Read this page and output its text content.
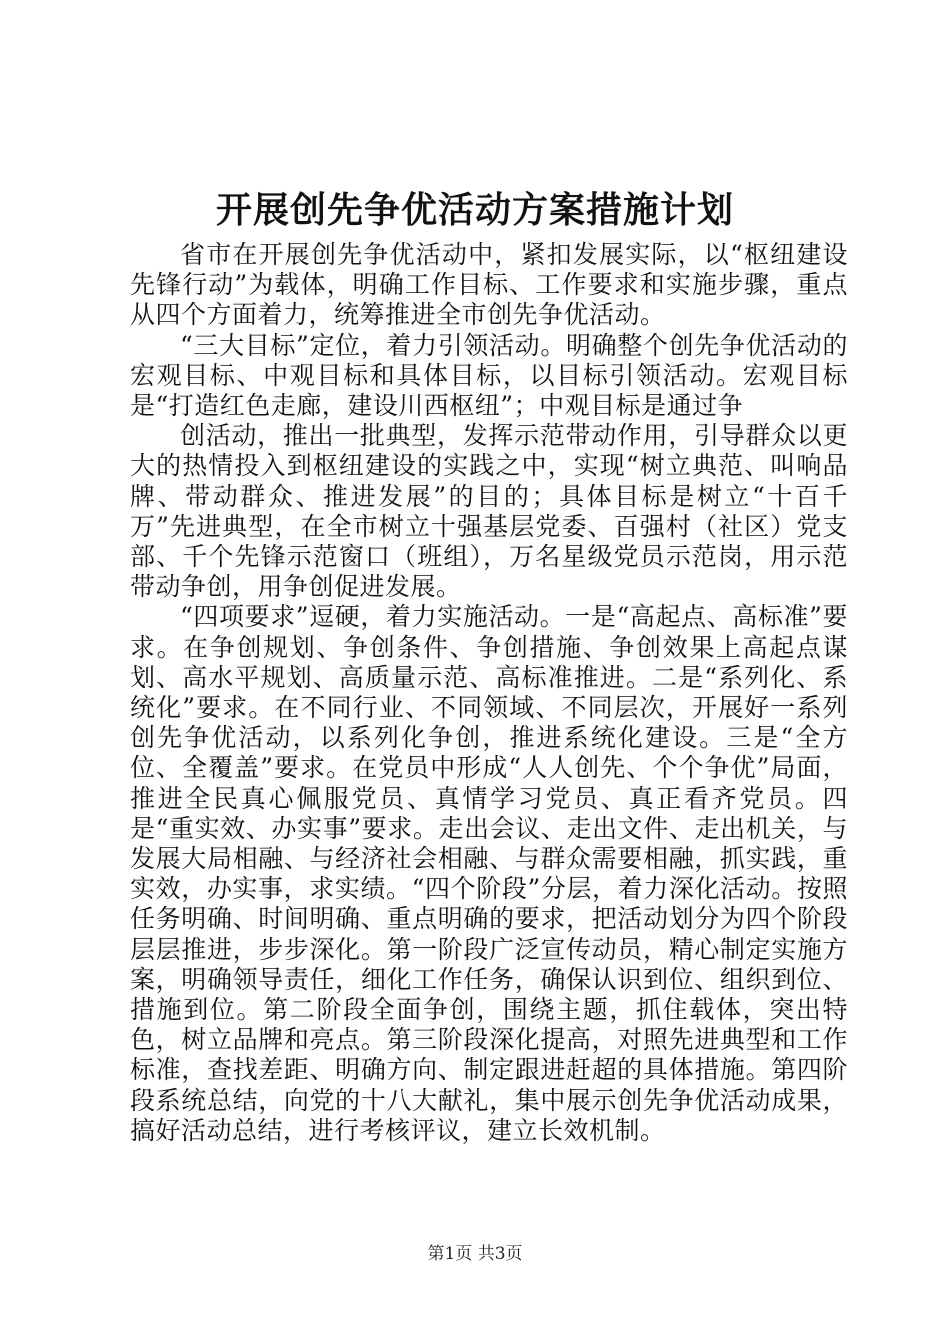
开展创先争优活动方案措施计划

省市在开展创先争优活动中，紧扣发展实际，以“枢纽建设先锋行动”为载体，明确工作目标、工作要求和实施步骤，重点从四个方面着力，统筹推进全市创先争优活动。

“三大目标”定位，着力引领活动。明确整个创先争优活动的宏观目标、中观目标和具体目标，以目标引领活动。宏观目标是“打造红色走廊，建设川西枢纽”；中观目标是通过争

创活动，推出一批典型，发挥示范带动作用，引导群众以更大的热情投入到枢纽建设的实践之中，实现“树立典范、叫响品牌、带动群众、推进发展”的目的；具体目标是树立“十百千万”先进典型，在全市树立十强基层党委、百强村（社区）党支部、千个先锋示范窗口（班组），万名星级党员示范岗，用示范带动争创，用争创促进发展。

“四项要求”逗硬，着力实施活动。一是“高起点、高标准”要求。在争创规划、争创条件、争创措施、争创效果上高起点谋划、高水平规划、高质量示范、高标准推进。二是“系列化、系统化”要求。在不同行业、不同领域、不同层次，开展好一系列创先争优活动，以系列化争创，推进系统化建设。三是“全方位、全覆盖”要求。在党员中形成“人人创先、个个争优”局面，推进全民真心佩服党员、真情学习党员、真正看齐党员。四是“重实效、办实事”要求。走出会议、走出文件、走出机关，与发展大局相融、与经济社会相融、与群众需要相融，抓实践，重实效，办实事，求实绩。“四个阶段”分层，着力深化活动。按照任务明确、时间明确、重点明确的要求，把活动划分为四个阶段层层推进，步步深化。第一阶段广泛宣传动员，精心制定实施方案，明确领导责任，细化工作任务，确保认识到位、组织到位、措施到位。第二阶段全面争创，围绕主题，抓住载体，突出特色，树立品牌和亮点。第三阶段深化提高，对照先进典型和工作标准，查找差距、明确方向、制定跟进赶超的具体措施。第四阶段系统总结，向党的十八大献礼，集中展示创先争优活动成果，搞好活动总结，进行考核评议，建立长效机制。

第1页 共3页
